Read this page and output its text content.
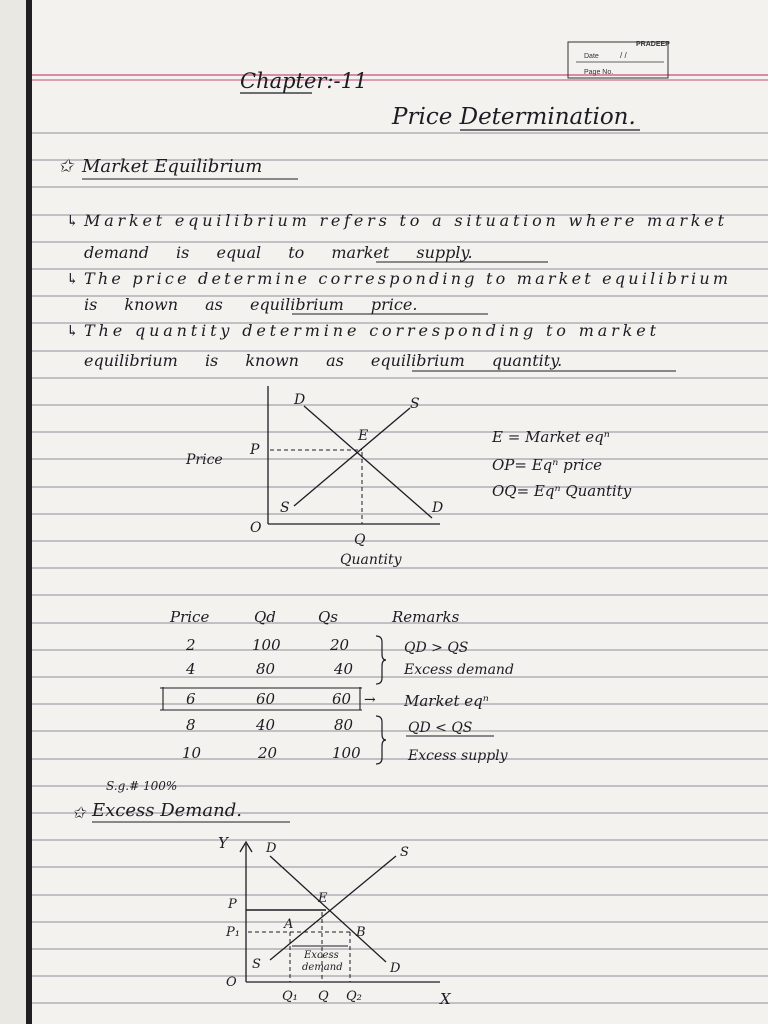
PRADEEP
Date	/ /
Page No.
Chapter:-11
Price Determination.
✩ Market Equilibrium
↳ Market equilibrium refers to a situation where market
demand is equal to market supply.
↳ The price determine corresponding to market equilibrium
is known as equilibrium price.
↳ The quantity determine corresponding to market
equilibrium is known as equilibrium quantity.
D	S
E
P
Price
S	D
O
Q
Quantity
E = Market eqⁿ
OP= Eqⁿ price
OQ= Eqⁿ Quantity
Price	Qd	Qs	Remarks
2	100	20
4	80	40
6	60	60
8	40	80
10	20	100
QD > QS
Excess demand
→ Market eqⁿ
QD < QS
Excess supply
S.g.# 100%
✩ Excess Demand.
Y	D	S
E
P
P₁
A
B
S	D
Excess
demand
O
Q₁ Q Q₂	X
